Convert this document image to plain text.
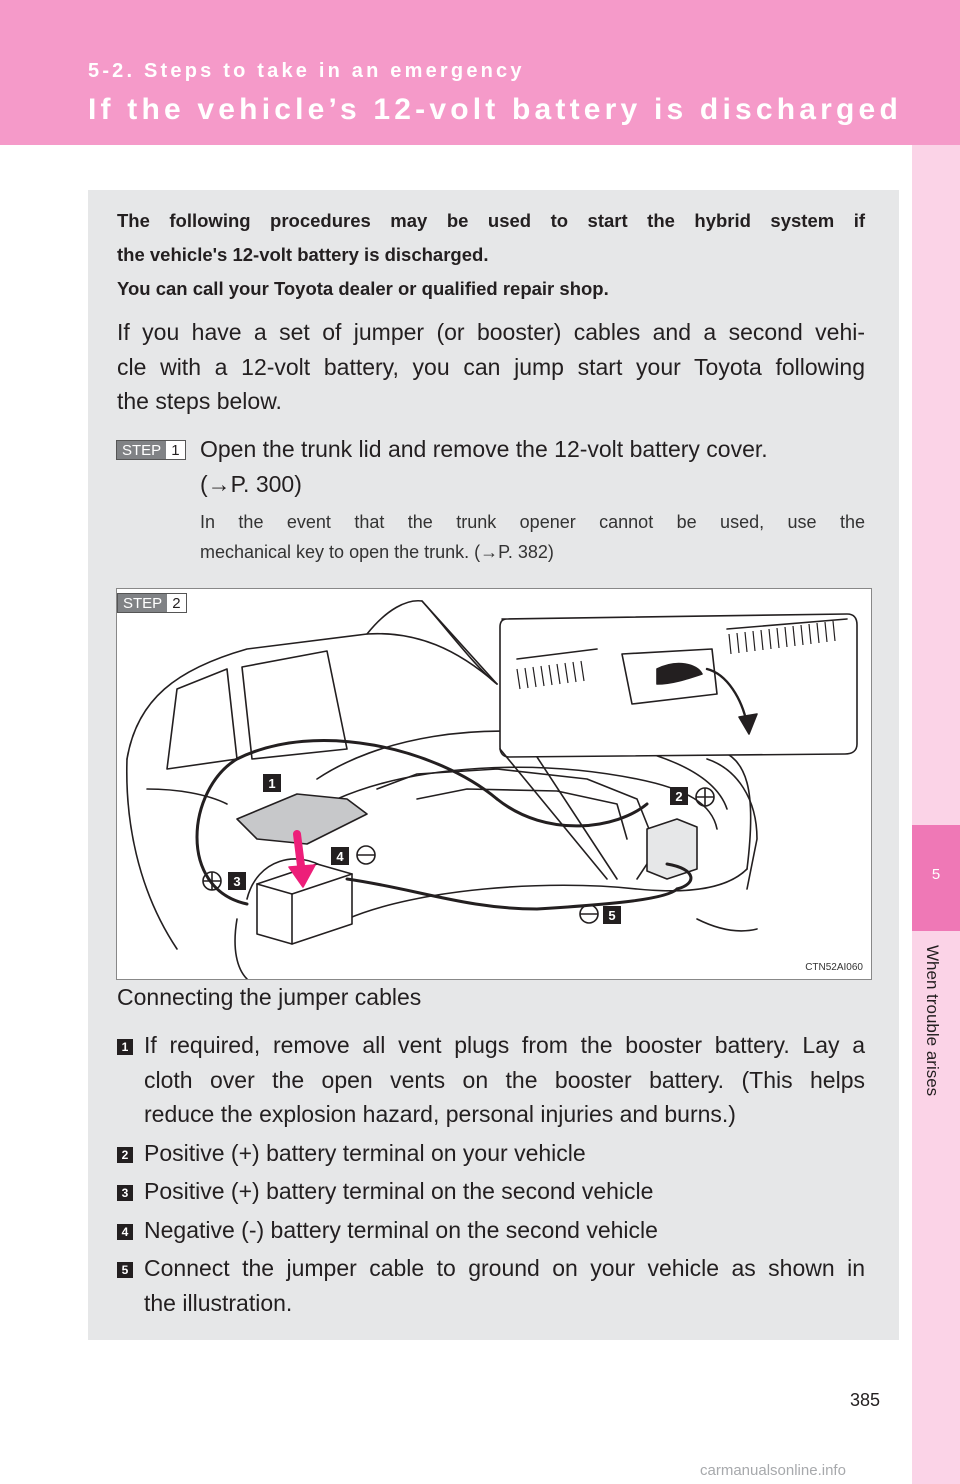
5-2. Steps to take in an emergency
If the vehicle’s 12-volt battery is discharged
5
When trouble arises

The following procedures may be used to start the hybrid system if

the vehicle's 12-volt battery is discharged.

You can call your Toyota dealer or qualified repair shop.

If you have a set of jumper (or booster) cables and a second vehi-

cle with a 12-volt battery, you can jump start your Toyota following

the steps below.

STEP 1 Open the trunk lid and remove the 12-volt battery cover.

(→P. 300)

In the event that the trunk opener cannot be used, use the

mechanical key to open the trunk. (→P. 382)

1
2
3
4
5
STEP 2
CTN52AI060
Connecting the jumper cables
1 If required, remove all vent plugs from the booster battery. Lay a
cloth over the open vents on the booster battery. (This helps
reduce the explosion hazard, personal injuries and burns.)
2 Positive (+) battery terminal on your vehicle
3 Positive (+) battery terminal on the second vehicle
4 Negative (-) battery terminal on the second vehicle
5 Connect the jumper cable to ground on your vehicle as shown in
the illustration.
385
carmanualsonline.info
